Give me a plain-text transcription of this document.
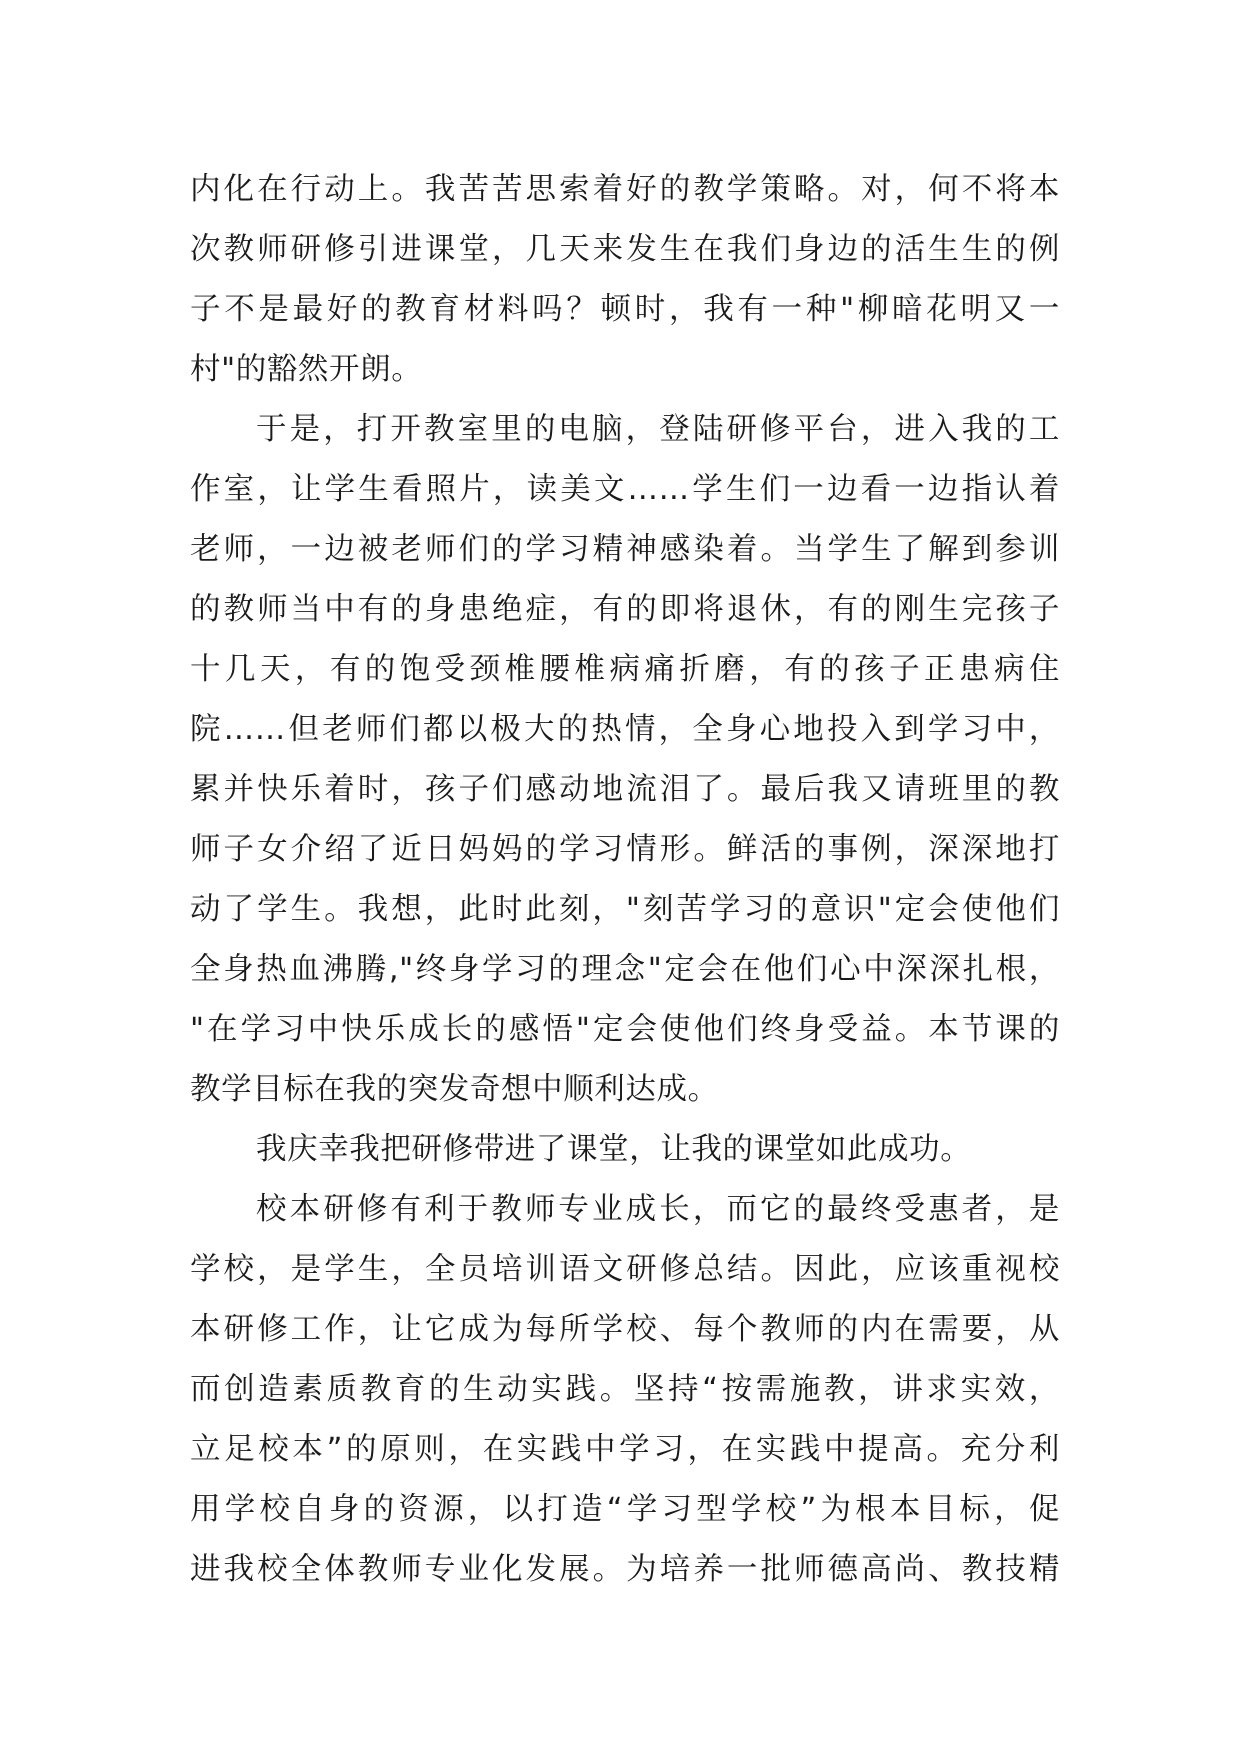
内化在行动上。我苦苦思索着好的教学策略。对，何不将本
次教师研修引进课堂，几天来发生在我们身边的活生生的例
子不是最好的教育材料吗？顿时，我有一种"柳暗花明又一
村"的豁然开朗。
于是，打开教室里的电脑，登陆研修平台，进入我的工
作室，让学生看照片，读美文……学生们一边看一边指认着
老师，一边被老师们的学习精神感染着。当学生了解到参训
的教师当中有的身患绝症，有的即将退休，有的刚生完孩子
十几天，有的饱受颈椎腰椎病痛折磨，有的孩子正患病住
院……但老师们都以极大的热情，全身心地投入到学习中，
累并快乐着时，孩子们感动地流泪了。最后我又请班里的教
师子女介绍了近日妈妈的学习情形。鲜活的事例，深深地打
动了学生。我想，此时此刻，"刻苦学习的意识"定会使他们
全身热血沸腾,"终身学习的理念"定会在他们心中深深扎根，
"在学习中快乐成长的感悟"定会使他们终身受益。本节课的
教学目标在我的突发奇想中顺利达成。
我庆幸我把研修带进了课堂，让我的课堂如此成功。
校本研修有利于教师专业成长，而它的最终受惠者，是
学校，是学生，全员培训语文研修总结。因此，应该重视校
本研修工作，让它成为每所学校、每个教师的内在需要，从
而创造素质教育的生动实践。坚持“按需施教，讲求实效，
立足校本”的原则，在实践中学习，在实践中提高。充分利
用学校自身的资源，以打造“学习型学校”为根本目标，促
进我校全体教师专业化发展。为培养一批师德高尚、教技精
